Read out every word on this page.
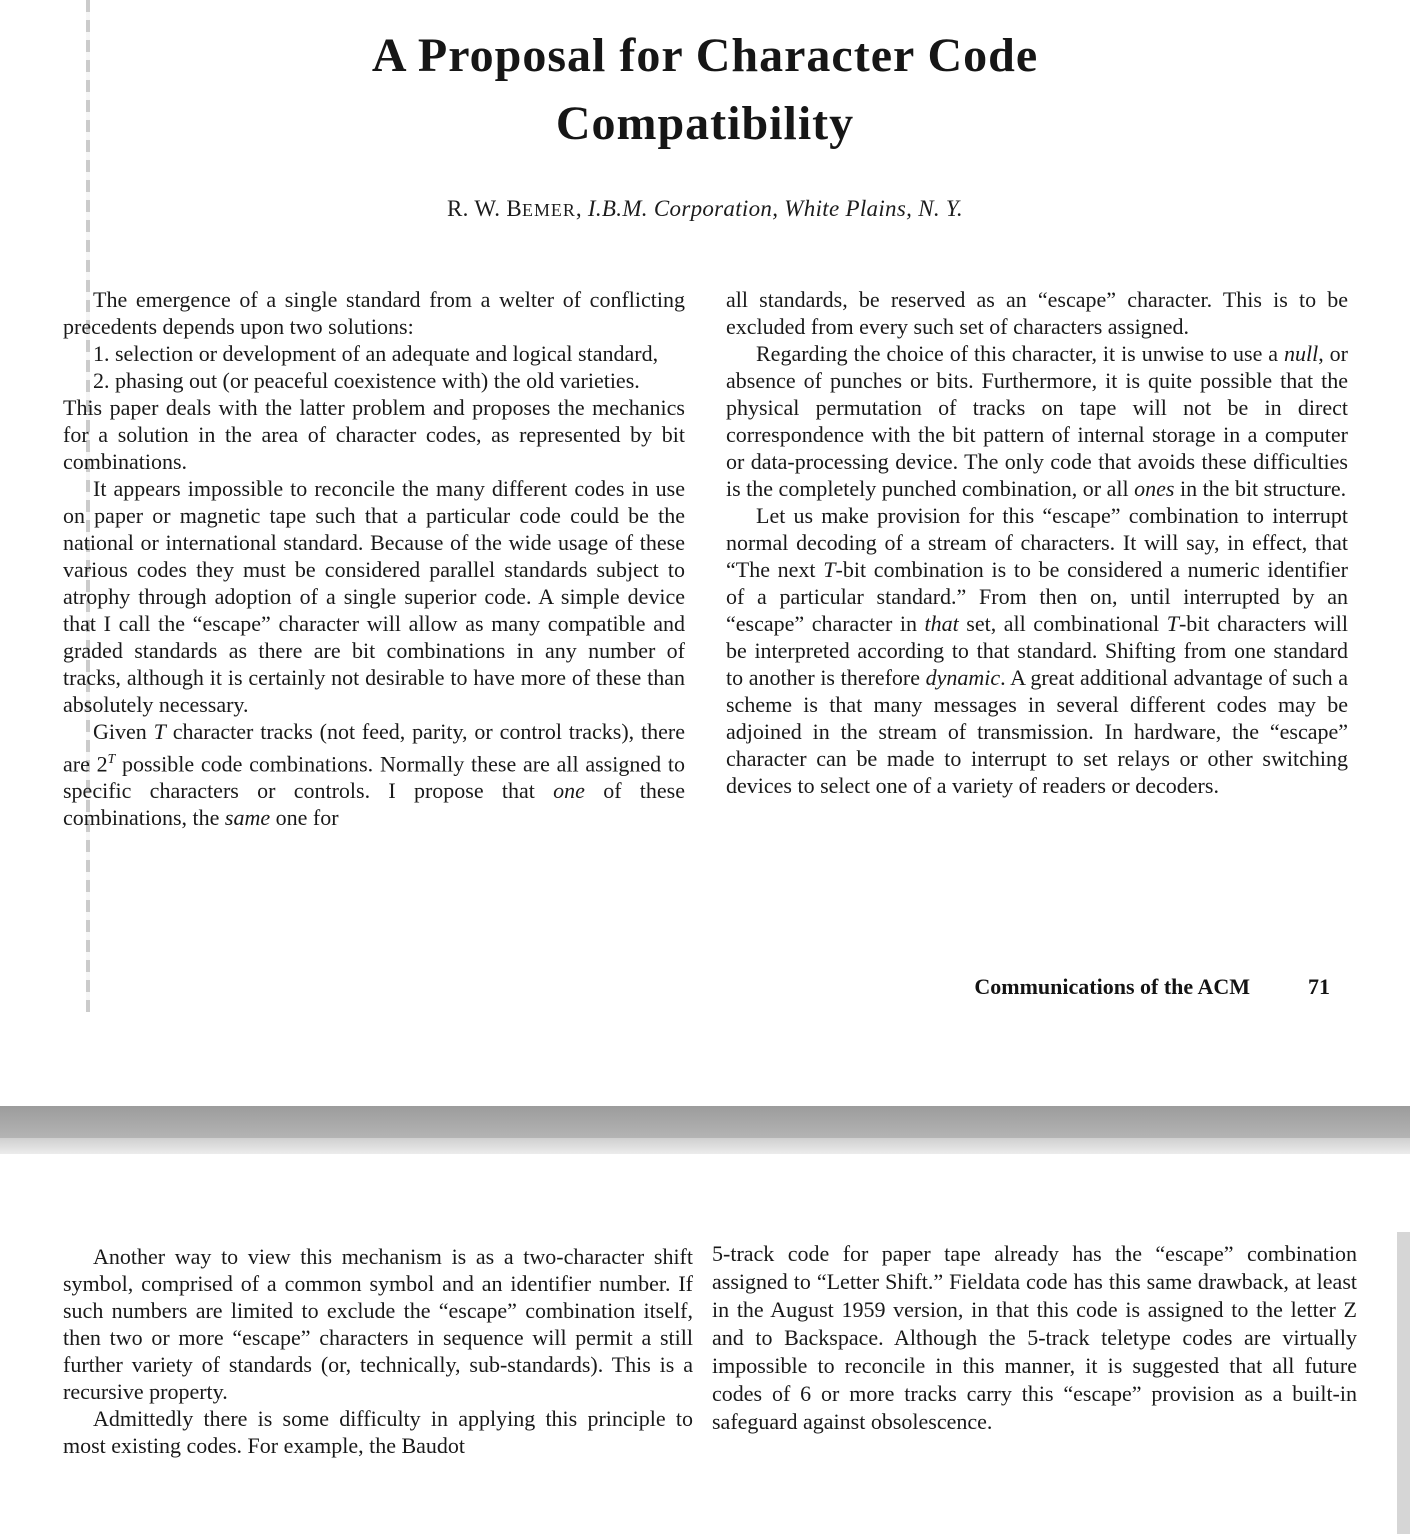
A Proposal for Character Code
Compatibility
R. W. BEMER, I.B.M. Corporation, White Plains, N. Y.

The emergence of a single standard from a welter of conflicting precedents depends upon two solutions:

1. selection or development of an adequate and logical standard,

2. phasing out (or peaceful coexistence with) the old varieties.

This paper deals with the latter problem and proposes the mechanics for a solution in the area of character codes, as represented by bit combinations.

It appears impossible to reconcile the many different codes in use on paper or magnetic tape such that a particular code could be the national or international standard. Because of the wide usage of these various codes they must be considered parallel standards subject to atrophy through adoption of a single superior code. A simple device that I call the “escape” character will allow as many compatible and graded standards as there are bit combinations in any number of tracks, although it is certainly not desirable to have more of these than absolutely necessary.

Given T character tracks (not feed, parity, or control tracks), there are $2^T$ possible code combinations. Normally these are all assigned to specific characters or controls. I propose that one of these combinations, the same one for

all standards, be reserved as an “escape” character. This is to be excluded from every such set of characters assigned.

Regarding the choice of this character, it is unwise to use a null, or absence of punches or bits. Furthermore, it is quite possible that the physical permutation of tracks on tape will not be in direct correspondence with the bit pattern of internal storage in a computer or data-processing device. The only code that avoids these difficulties is the completely punched combination, or all ones in the bit structure.

Let us make provision for this “escape” combination to interrupt normal decoding of a stream of characters. It will say, in effect, that “The next T-bit combination is to be considered a numeric identifier of a particular standard.” From then on, until interrupted by an “escape” character in that set, all combinational T-bit characters will be interpreted according to that standard. Shifting from one standard to another is therefore dynamic. A great additional advantage of such a scheme is that many messages in several different codes may be adjoined in the stream of transmission. In hardware, the “escape” character can be made to interrupt to set relays or other switching devices to select one of a variety of readers or decoders.

Communications of the ACM	71

Another way to view this mechanism is as a two-character shift symbol, comprised of a common symbol and an identifier number. If such numbers are limited to exclude the “escape” combination itself, then two or more “escape” characters in sequence will permit a still further variety of standards (or, technically, sub-standards). This is a recursive property.

Admittedly there is some difficulty in applying this principle to most existing codes. For example, the Baudot

5-track code for paper tape already has the “escape” combination assigned to “Letter Shift.” Fieldata code has this same drawback, at least in the August 1959 version, in that this code is assigned to the letter Z and to Backspace. Although the 5-track teletype codes are virtually impossible to reconcile in this manner, it is suggested that all future codes of 6 or more tracks carry this “escape” provision as a built-in safeguard against obsolescence.
